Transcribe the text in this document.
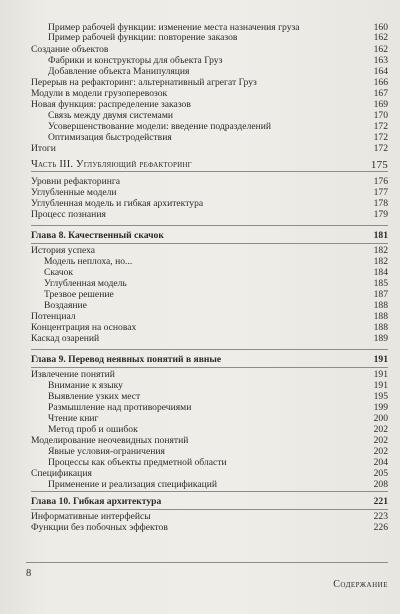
Пример рабочей функции: изменение места назначения груза	160
Пример рабочей функции: повторение заказов	162
Создание объектов	162
Фабрики и конструкторы для объекта Груз	163
Добавление объекта Манипуляция	164
Перерыв на рефакторинг: альтернативный агрегат Груз	166
Модули в модели грузоперевозок	167
Новая функция: распределение заказов	169
Связь между двумя системами	170
Усовершенствование модели: введение подразделений	172
Оптимизация быстродействия	172
Итоги	172
Часть III. Углубляющий рефакторинг	175
Уровни рефакторинга	176
Углубленные модели	177
Углубленная модель и гибкая архитектура	178
Процесс познания	179
Глава 8. Качественный скачок	181
История успеха	182
Модель неплоха, но...	182
Скачок	184
Углубленная модель	185
Трезвое решение	187
Воздаяние	188
Потенциал	188
Концентрация на основах	188
Каскад озарений	189
Глава 9. Перевод неявных понятий в явные	191
Извлечение понятий	191
Внимание к языку	191
Выявление узких мест	195
Размышление над противоречиями	199
Чтение книг	200
Метод проб и ошибок	202
Моделирование неочевидных понятий	202
Явные условия-ограничения	202
Процессы как объекты предметной области	204
Спецификация	205
Применение и реализация спецификаций	208
Глава 10. Гибкая архитектура	221
Информативные интерфейсы	223
Функции без побочных эффектов	226
8
Содержание
